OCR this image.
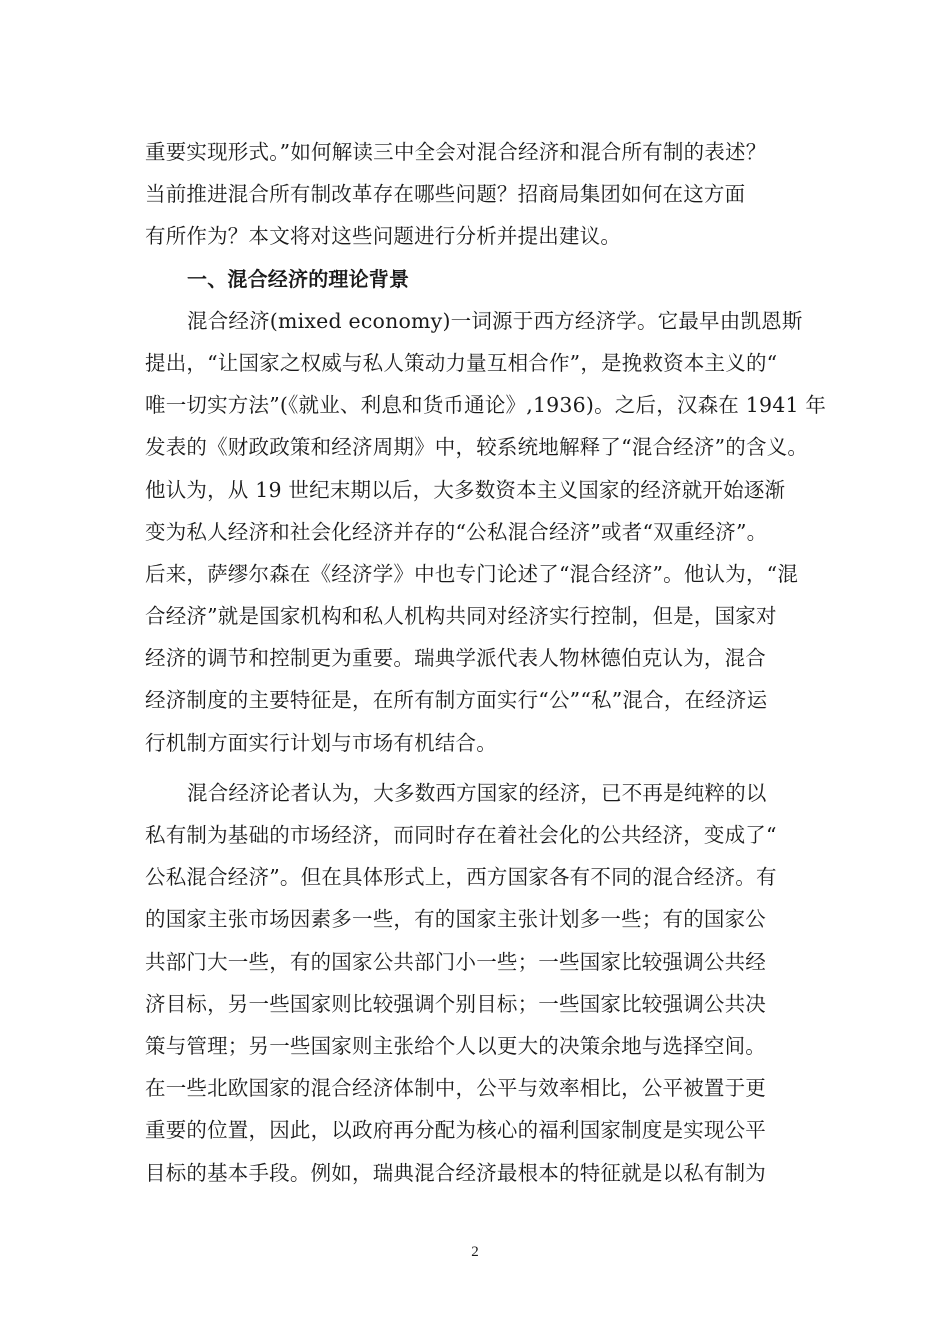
重要实现形式。”如何解读三中全会对混合经济和混合所有制的表述？
当前推进混合所有制改革存在哪些问题？招商局集团如何在这方面
有所作为？本文将对这些问题进行分析并提出建议。
一、混合经济的理论背景
混合经济(mixed economy)一词源于西方经济学。它最早由凯恩斯
提出，“让国家之权威与私人策动力量互相合作”，是挽救资本主义的“
唯一切实方法”(《就业、利息和货币通论》,1936)。之后，汉森在 1941 年
发表的《财政政策和经济周期》中，较系统地解释了“混合经济”的含义。
他认为，从 19 世纪末期以后，大多数资本主义国家的经济就开始逐渐
变为私人经济和社会化经济并存的“公私混合经济”或者“双重经济”。
后来，萨缪尔森在《经济学》中也专门论述了“混合经济”。他认为，“混
合经济”就是国家机构和私人机构共同对经济实行控制，但是，国家对
经济的调节和控制更为重要。瑞典学派代表人物林德伯克认为，混合
经济制度的主要特征是，在所有制方面实行“公”“私”混合，在经济运
行机制方面实行计划与市场有机结合。
混合经济论者认为，大多数西方国家的经济，已不再是纯粹的以
私有制为基础的市场经济，而同时存在着社会化的公共经济，变成了“
公私混合经济”。但在具体形式上，西方国家各有不同的混合经济。有
的国家主张市场因素多一些，有的国家主张计划多一些；有的国家公
共部门大一些，有的国家公共部门小一些；一些国家比较强调公共经
济目标，另一些国家则比较强调个别目标；一些国家比较强调公共决
策与管理；另一些国家则主张给个人以更大的决策余地与选择空间。
在一些北欧国家的混合经济体制中，公平与效率相比，公平被置于更
重要的位置，因此，以政府再分配为核心的福利国家制度是实现公平
目标的基本手段。例如，瑞典混合经济最根本的特征就是以私有制为
2
